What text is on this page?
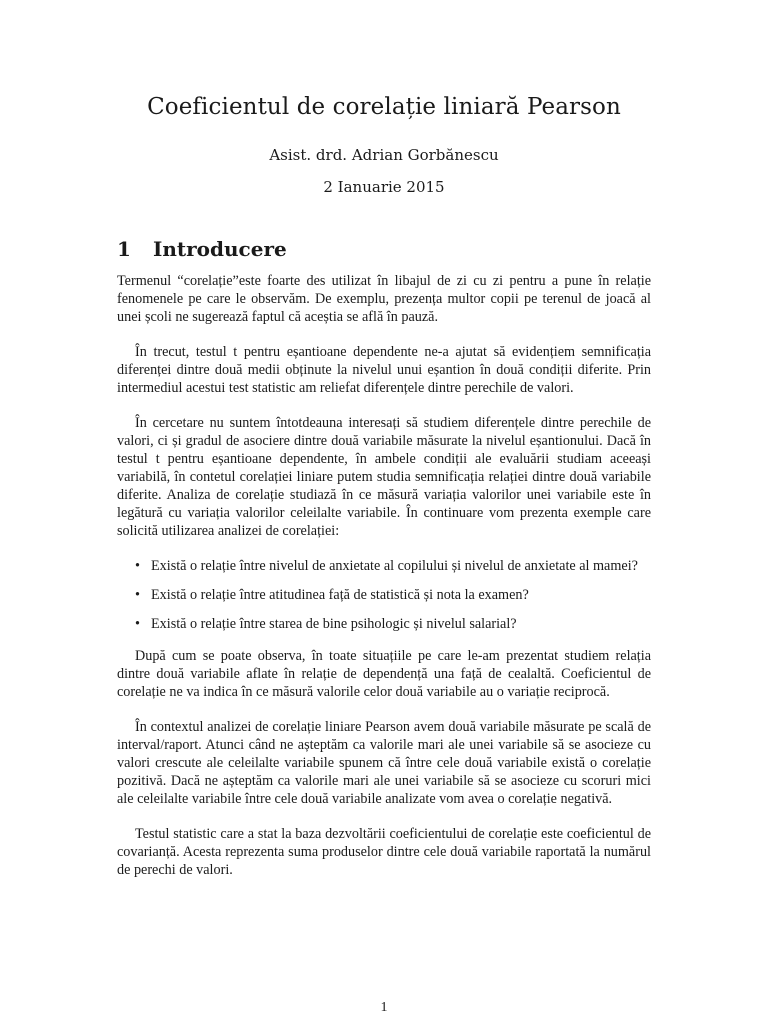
Coeficientul de corelație liniară Pearson
Asist. drd. Adrian Gorbănescu
2 Ianuarie 2015
1 Introducere

Termenul “corelație”este foarte des utilizat în libajul de zi cu zi pentru a pune în relație fenomenele pe care le observăm. De exemplu, prezența multor copii pe terenul de joacă al unei școli ne sugerează faptul că aceștia se află în pauză.

În trecut, testul t pentru eșantioane dependente ne-a ajutat să evidențiem semnificația diferenței dintre două medii obținute la nivelul unui eșantion în două condiții diferite. Prin intermediul acestui test statistic am reliefat diferențele dintre perechile de valori.

În cercetare nu suntem întotdeauna interesați să studiem diferențele dintre perechile de valori, ci și gradul de asociere dintre două variabile măsurate la nivelul eșantionului. Dacă în testul t pentru eșantioane dependente, în ambele condiții ale evaluării studiam aceeași variabilă, în contetul corelației liniare putem studia semnificația relației dintre două variabile diferite. Analiza de corelație studiază în ce măsură variația valorilor unei variabile este în legătură cu variația valorilor celeilalte variabile. În continuare vom prezenta exemple care solicită utilizarea analizei de corelației:

• Există o relație între nivelul de anxietate al copilului și nivelul de anxietate al mamei?
• Există o relație între atitudinea față de statistică și nota la examen?
• Există o relație între starea de bine psihologic și nivelul salarial?

După cum se poate observa, în toate situațiile pe care le-am prezentat studiem relația dintre două variabile aflate în relație de dependență una față de cealaltă. Coeficientul de corelație ne va indica în ce măsură valorile celor două variabile au o variație reciprocă.

În contextul analizei de corelație liniare Pearson avem două variabile măsurate pe scală de interval/raport. Atunci când ne așteptăm ca valorile mari ale unei variabile să se asocieze cu valori crescute ale celeilalte variabile spunem că între cele două variabile există o corelație pozitivă. Dacă ne așteptăm ca valorile mari ale unei variabile să se asocieze cu scoruri mici ale celeilalte variabile între cele două variabile analizate vom avea o corelație negativă.

Testul statistic care a stat la baza dezvoltării coeficientului de corelație este coeficientul de covarianță. Acesta reprezenta suma produselor dintre cele două variabile raportată la numărul de perechi de valori.

1
